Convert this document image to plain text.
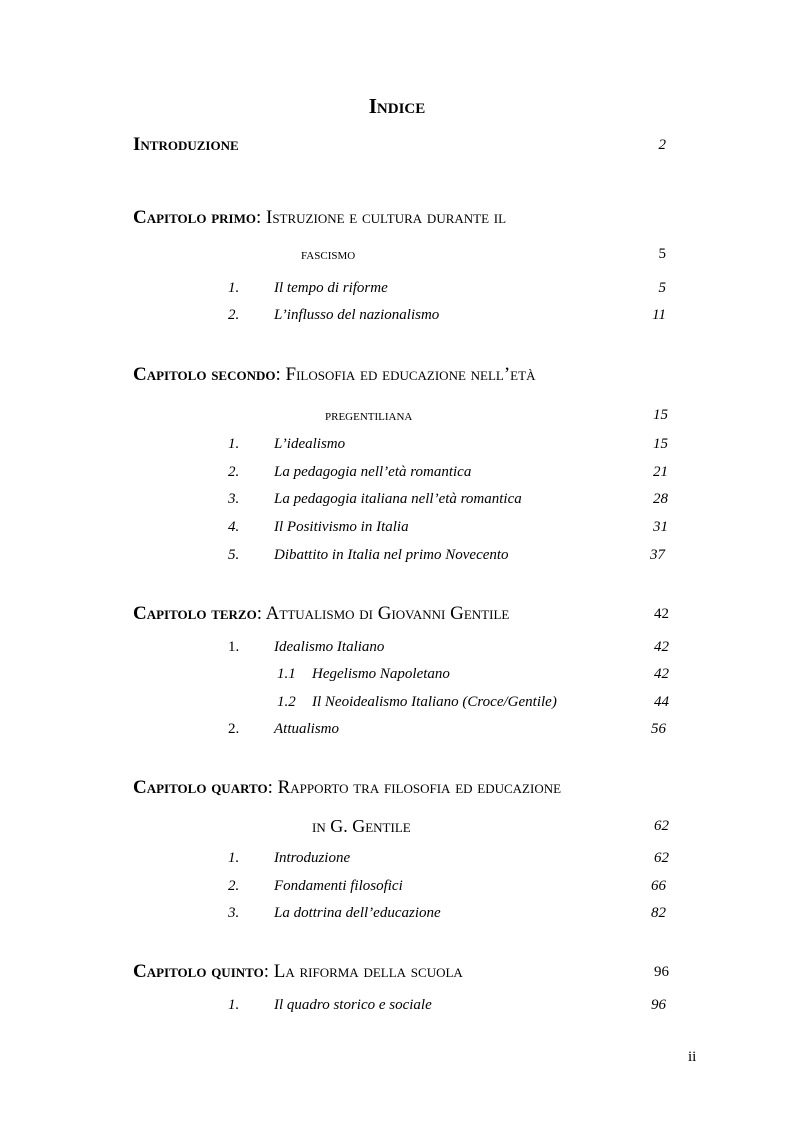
Indice
Introduzione	2
Capitolo primo: Istruzione e cultura durante il
fascismo	5
1. Il tempo di riforme	5
2. L’influsso del nazionalismo	11
Capitolo secondo: Filosofia ed educazione nell’età
pregentiliana	15
1. L’idealismo	15
2. La pedagogia nell’età romantica	21
3. La pedagogia italiana nell’età romantica	28
4. Il Positivismo in Italia	31
5. Dibattito in Italia nel primo Novecento	37
Capitolo terzo: Attualismo di Giovanni Gentile	42
1. Idealismo Italiano	42
1.1 Hegelismo Napoletano	42
1.2 Il Neoidealismo Italiano (Croce/Gentile)	44
2. Attualismo	56
Capitolo quarto: Rapporto tra filosofia ed educazione
in G. Gentile	62
1. Introduzione	62
2. Fondamenti filosofici	66
3. La dottrina dell’educazione	82
Capitolo quinto: La riforma della scuola	96
1. Il quadro storico e sociale	96
ii
